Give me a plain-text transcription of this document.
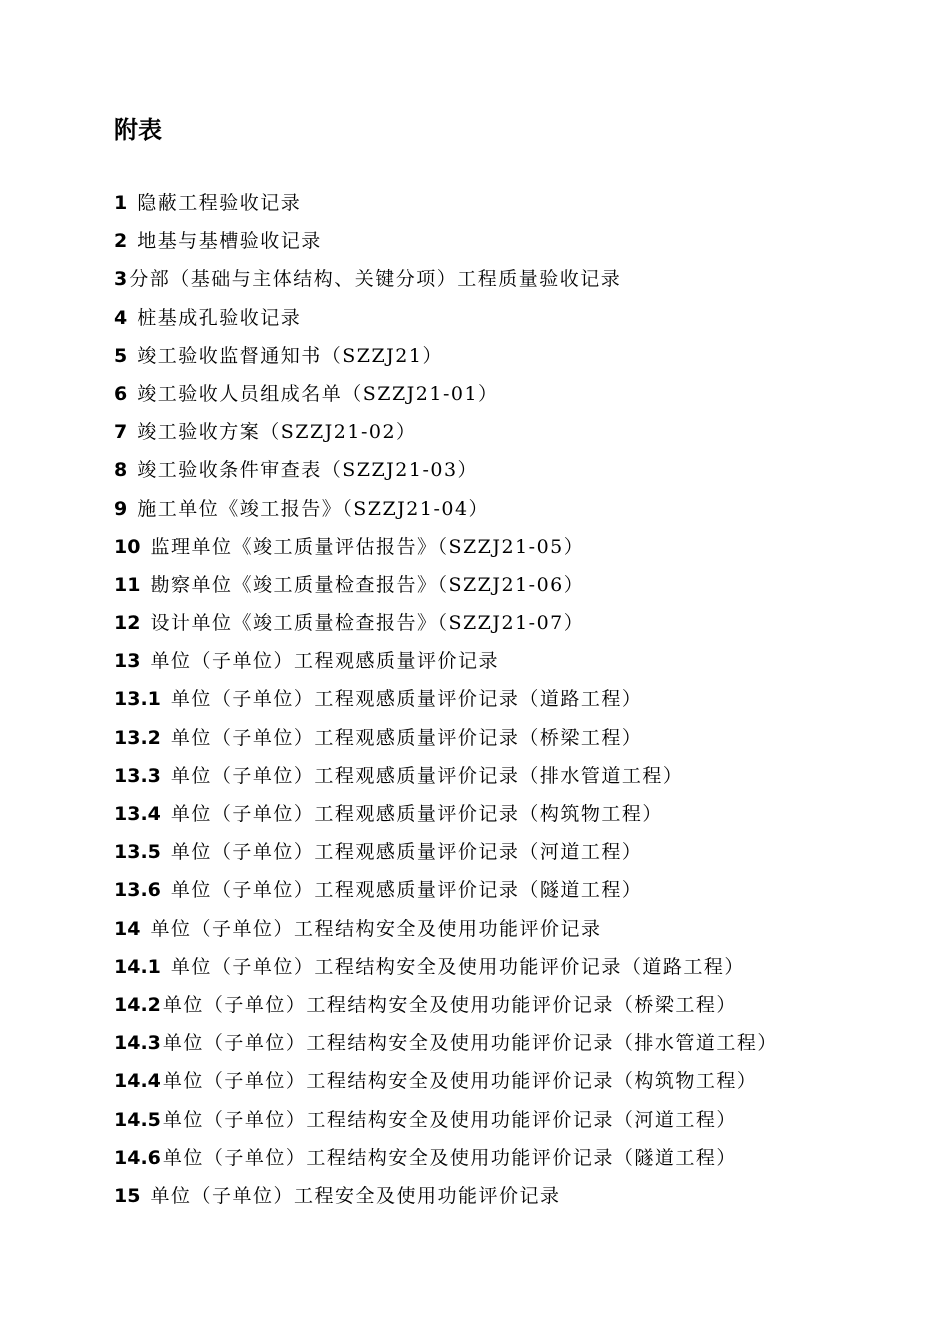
附表
1 隐蔽工程验收记录
2 地基与基槽验收记录
3 分部（基础与主体结构、关键分项）工程质量验收记录
4 桩基成孔验收记录
5 竣工验收监督通知书（SZZJ21）
6 竣工验收人员组成名单（SZZJ21-01）
7 竣工验收方案（SZZJ21-02）
8 竣工验收条件审查表（SZZJ21-03）
9 施工单位《竣工报告》（SZZJ21-04）
10 监理单位《竣工质量评估报告》（SZZJ21-05）
11 勘察单位《竣工质量检查报告》（SZZJ21-06）
12 设计单位《竣工质量检查报告》（SZZJ21-07）
13 单位（子单位）工程观感质量评价记录
13.1 单位（子单位）工程观感质量评价记录（道路工程）
13.2 单位（子单位）工程观感质量评价记录（桥梁工程）
13.3 单位（子单位）工程观感质量评价记录（排水管道工程）
13.4 单位（子单位）工程观感质量评价记录（构筑物工程）
13.5 单位（子单位）工程观感质量评价记录（河道工程）
13.6 单位（子单位）工程观感质量评价记录（隧道工程）
14 单位（子单位）工程结构安全及使用功能评价记录
14.1 单位（子单位）工程结构安全及使用功能评价记录（道路工程）
14.2 单位（子单位）工程结构安全及使用功能评价记录（桥梁工程）
14.3 单位（子单位）工程结构安全及使用功能评价记录（排水管道工程）
14.4 单位（子单位）工程结构安全及使用功能评价记录（构筑物工程）
14.5 单位（子单位）工程结构安全及使用功能评价记录（河道工程）
14.6 单位（子单位）工程结构安全及使用功能评价记录（隧道工程）
15 单位（子单位）工程安全及使用功能评价记录
